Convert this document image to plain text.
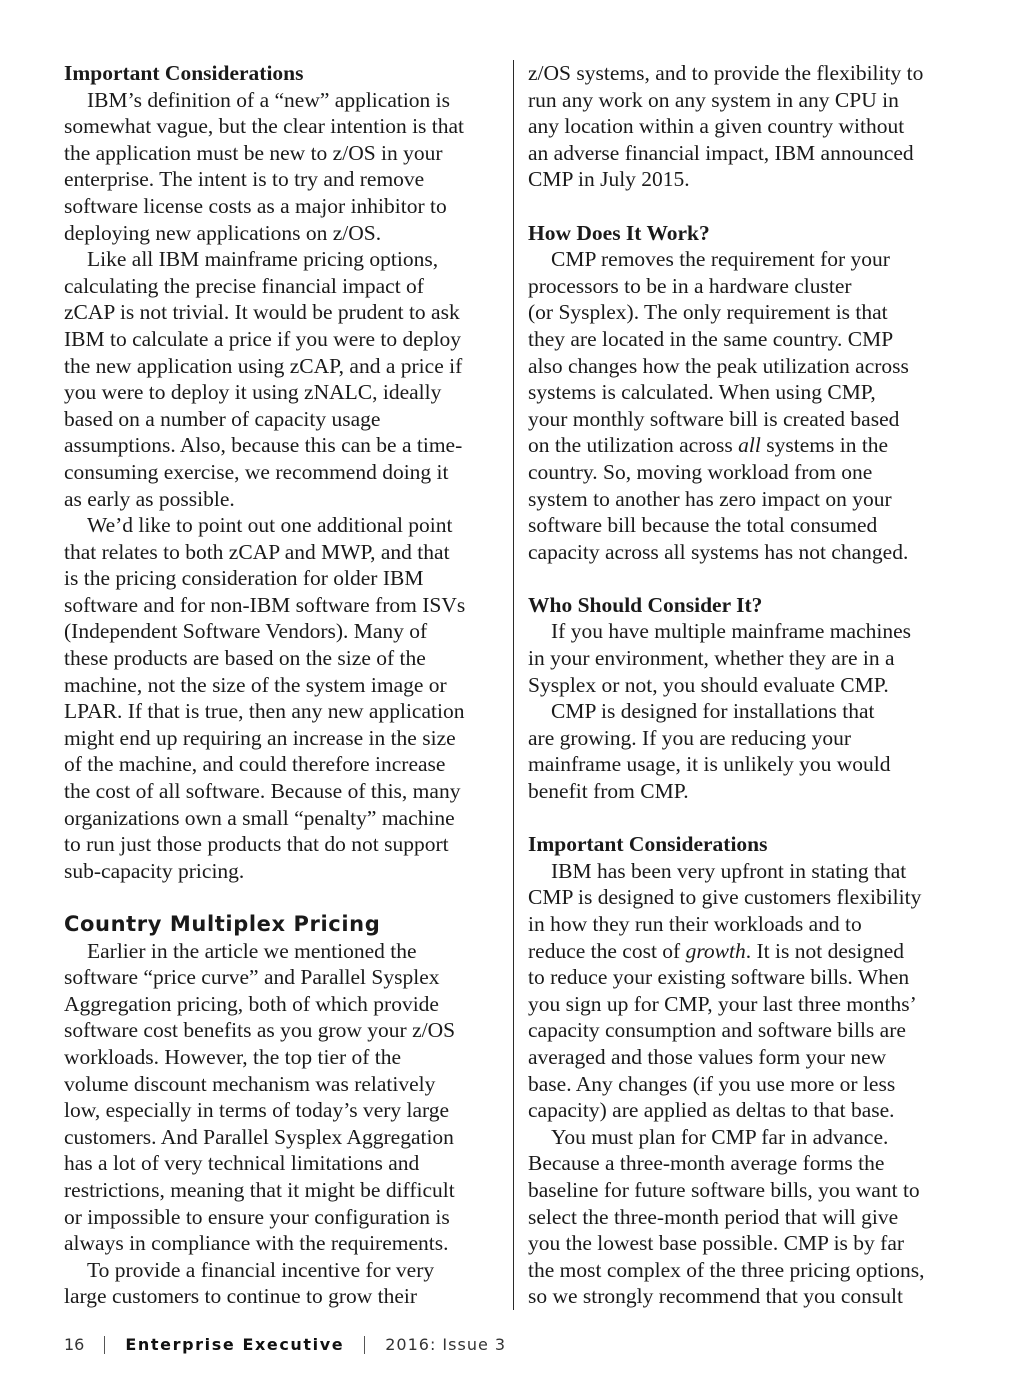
Important Considerations
IBM’s definition of a “new” application is
somewhat vague, but the clear intention is that
the application must be new to z/OS in your
enterprise. The intent is to try and remove
software license costs as a major inhibitor to
deploying new applications on z/OS.
Like all IBM mainframe pricing options,
calculating the precise financial impact of
zCAP is not trivial. It would be prudent to ask
IBM to calculate a price if you were to deploy
the new application using zCAP, and a price if
you were to deploy it using zNALC, ideally
based on a number of capacity usage
assumptions. Also, because this can be a time-
consuming exercise, we recommend doing it
as early as possible.
We’d like to point out one additional point
that relates to both zCAP and MWP, and that
is the pricing consideration for older IBM
software and for non-IBM software from ISVs
(Independent Software Vendors). Many of
these products are based on the size of the
machine, not the size of the system image or
LPAR. If that is true, then any new application
might end up requiring an increase in the size
of the machine, and could therefore increase
the cost of all software. Because of this, many
organizations own a small “penalty” machine
to run just those products that do not support
sub-capacity pricing.
Country Multiplex Pricing
Earlier in the article we mentioned the
software “price curve” and Parallel Sysplex
Aggregation pricing, both of which provide
software cost benefits as you grow your z/OS
workloads. However, the top tier of the
volume discount mechanism was relatively
low, especially in terms of today’s very large
customers. And Parallel Sysplex Aggregation
has a lot of very technical limitations and
restrictions, meaning that it might be difficult
or impossible to ensure your configuration is
always in compliance with the requirements.
To provide a financial incentive for very
large customers to continue to grow their
z/OS systems, and to provide the flexibility to
run any work on any system in any CPU in
any location within a given country without
an adverse financial impact, IBM announced
CMP in July 2015.
How Does It Work?
CMP removes the requirement for your
processors to be in a hardware cluster
(or Sysplex). The only requirement is that
they are located in the same country. CMP
also changes how the peak utilization across
systems is calculated. When using CMP,
your monthly software bill is created based
on the utilization across all systems in the
country. So, moving workload from one
system to another has zero impact on your
software bill because the total consumed
capacity across all systems has not changed.
Who Should Consider It?
If you have multiple mainframe machines
in your environment, whether they are in a
Sysplex or not, you should evaluate CMP.
CMP is designed for installations that
are growing. If you are reducing your
mainframe usage, it is unlikely you would
benefit from CMP.
Important Considerations
IBM has been very upfront in stating that
CMP is designed to give customers flexibility
in how they run their workloads and to
reduce the cost of growth. It is not designed
to reduce your existing software bills. When
you sign up for CMP, your last three months’
capacity consumption and software bills are
averaged and those values form your new
base. Any changes (if you use more or less
capacity) are applied as deltas to that base.
You must plan for CMP far in advance.
Because a three-month average forms the
baseline for future software bills, you want to
select the three-month period that will give
you the lowest base possible. CMP is by far
the most complex of the three pricing options,
so we strongly recommend that you consult
16	Enterprise Executive	2016: Issue 3
